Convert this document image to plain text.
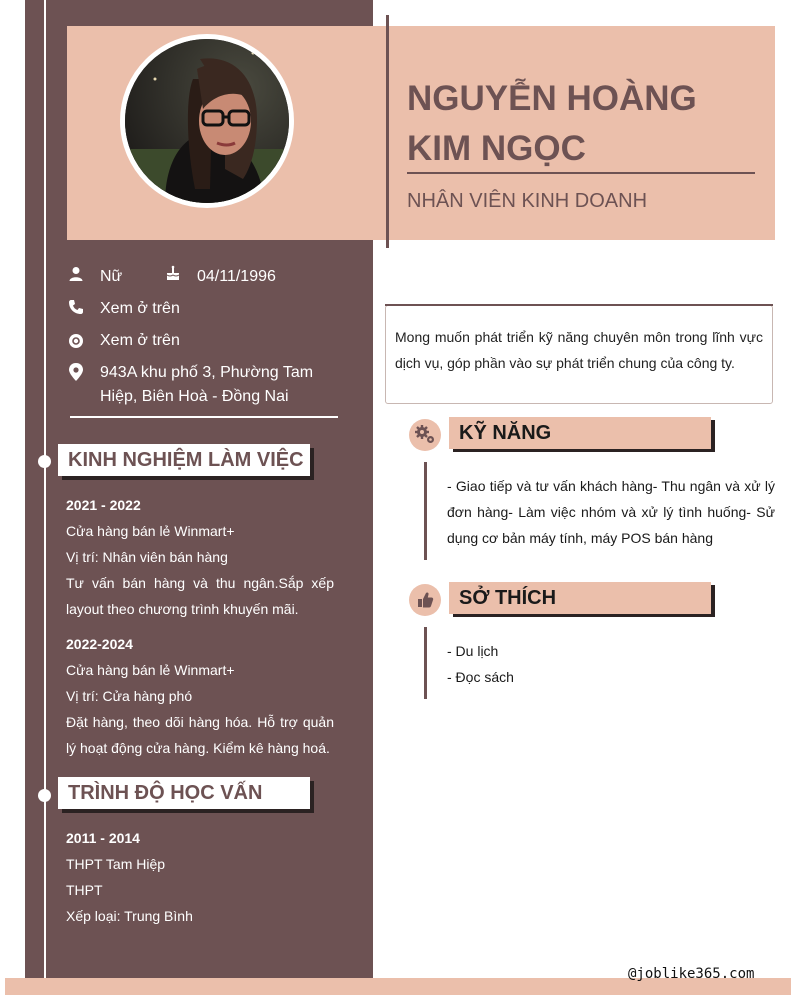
NGUYỄN HOÀNG
KIM NGỌC
NHÂN VIÊN KINH DOANH
Nữ	04/11/1996
Xem ở trên
Xem ở trên
943A khu phố 3, Phường Tam
Hiệp, Biên Hoà - Đồng Nai
KINH NGHIỆM LÀM VIỆC
2021 - 2022
Cửa hàng bán lẻ Winmart+
Vị trí: Nhân viên bán hàng
Tư vấn bán hàng và thu ngân.Sắp xếp layout theo chương trình khuyến mãi.
2022-2024
Cửa hàng bán lẻ Winmart+
Vị trí: Cửa hàng phó
Đặt hàng, theo dõi hàng hóa. Hỗ trợ quản lý hoạt động cửa hàng. Kiểm kê hàng hoá.
TRÌNH ĐỘ HỌC VẤN
2011 - 2014
THPT Tam Hiệp
THPT
Xếp loại: Trung Bình
Mong muốn phát triển kỹ năng chuyên môn trong lĩnh vực dịch vụ, góp phần vào sự phát triển chung của công ty.
KỸ NĂNG
- Giao tiếp và tư vấn khách hàng- Thu ngân và xử lý đơn hàng- Làm việc nhóm và xử lý tình huống- Sử dụng cơ bản máy tính, máy POS bán hàng
SỞ THÍCH
- Du lịch
- Đọc sách
@joblike365.com
